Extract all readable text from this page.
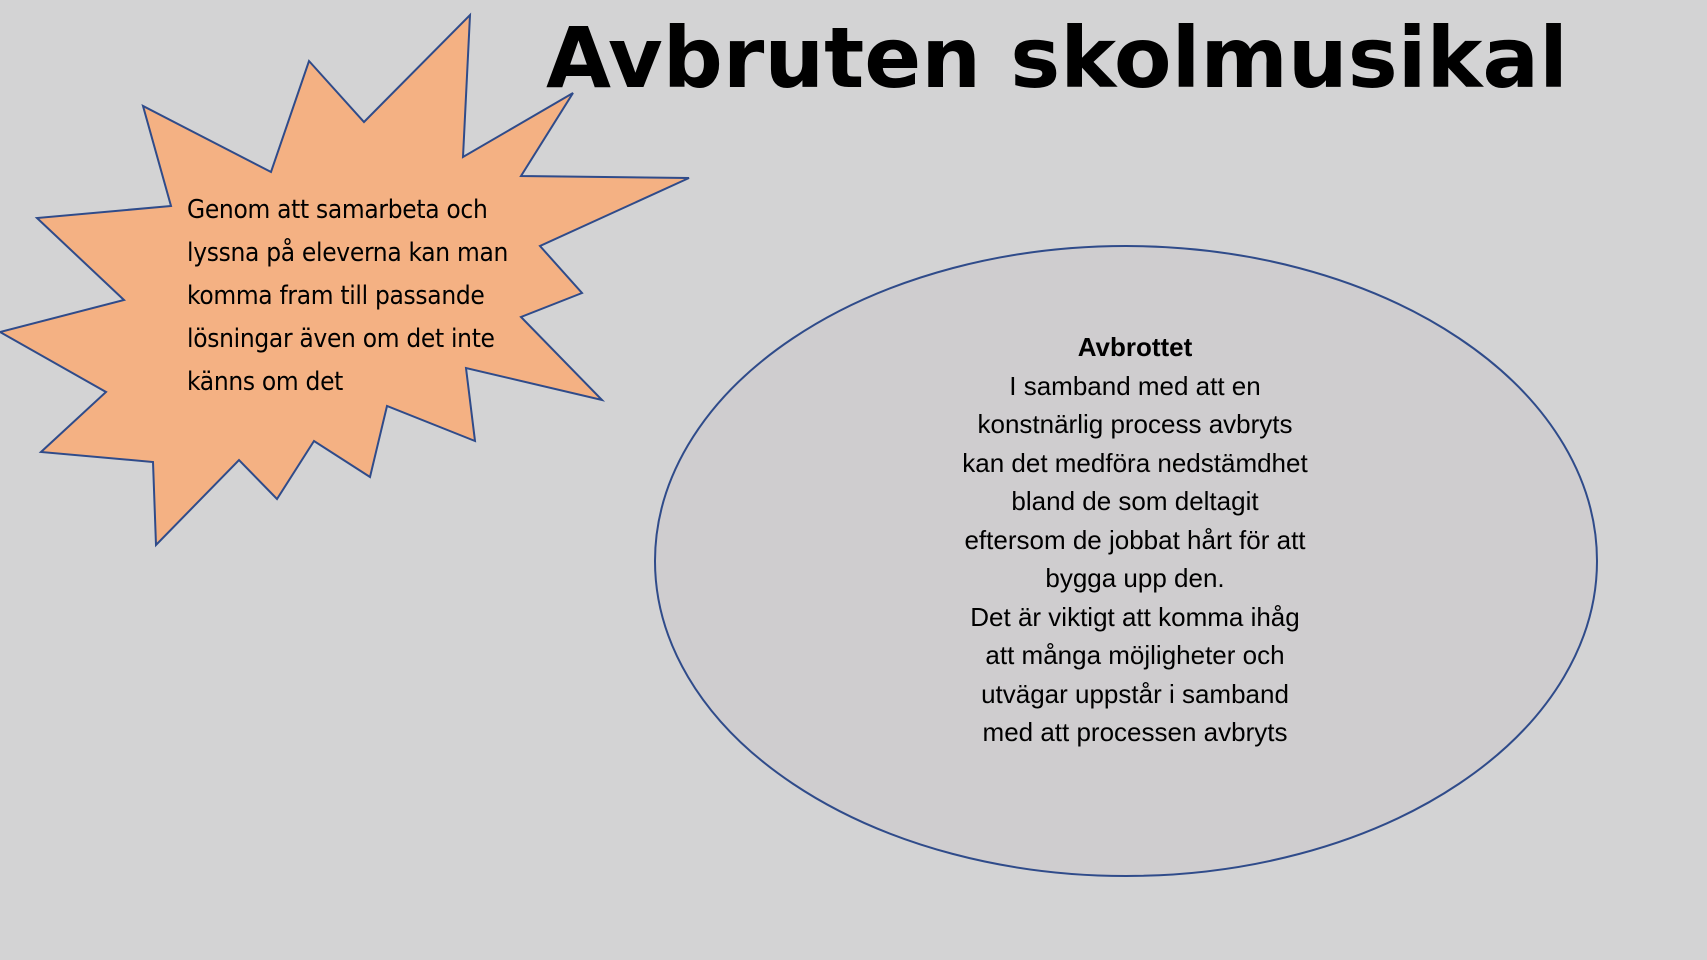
Avbruten skolmusikal
Genom att samarbeta och
lyssna på eleverna kan man
komma fram till passande
lösningar även om det inte
känns om det
Avbrottet
I samband med att en
konstnärlig process avbryts
kan det medföra nedstämdhet
bland de som deltagit
eftersom de jobbat hårt för att
bygga upp den.
Det är viktigt att komma ihåg
att många möjligheter och
utvägar uppstår i samband
med att processen avbryts
